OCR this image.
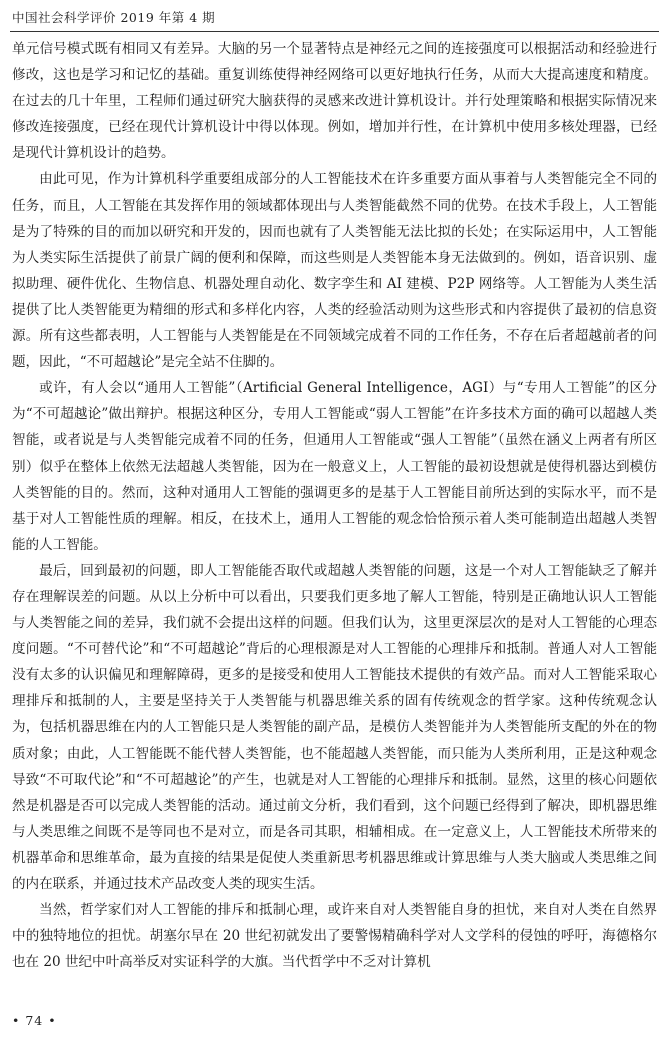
中国社会科学评价 2019 年第 4 期

单元信号模式既有相同又有差异。大脑的另一个显著特点是神经元之间的连接强度可以根据活动和经验进行修改，这也是学习和记忆的基础。重复训练使得神经网络可以更好地执行任务，从而大大提高速度和精度。在过去的几十年里，工程师们通过研究大脑获得的灵感来改进计算机设计。并行处理策略和根据实际情况来修改连接强度，已经在现代计算机设计中得以体现。例如，增加并行性，在计算机中使用多核处理器，已经是现代计算机设计的趋势。

由此可见，作为计算机科学重要组成部分的人工智能技术在许多重要方面从事着与人类智能完全不同的任务，而且，人工智能在其发挥作用的领域都体现出与人类智能截然不同的优势。在技术手段上，人工智能是为了特殊的目的而加以研究和开发的，因而也就有了人类智能无法比拟的长处；在实际运用中，人工智能为人类实际生活提供了前景广阔的便利和保障，而这些则是人类智能本身无法做到的。例如，语音识别、虚拟助理、硬件优化、生物信息、机器处理自动化、数字孪生和 AI 建模、P2P 网络等。人工智能为人类生活提供了比人类智能更为精细的形式和多样化内容，人类的经验活动则为这些形式和内容提供了最初的信息资源。所有这些都表明，人工智能与人类智能是在不同领域完成着不同的工作任务，不存在后者超越前者的问题，因此，“不可超越论”是完全站不住脚的。

或许，有人会以“通用人工智能”（Artificial General Intelligence，AGI）与“专用人工智能”的区分为“不可超越论”做出辩护。根据这种区分，专用人工智能或“弱人工智能”在许多技术方面的确可以超越人类智能，或者说是与人类智能完成着不同的任务，但通用人工智能或“强人工智能”（虽然在涵义上两者有所区别）似乎在整体上依然无法超越人类智能，因为在一般意义上，人工智能的最初设想就是使得机器达到模仿人类智能的目的。然而，这种对通用人工智能的强调更多的是基于人工智能目前所达到的实际水平，而不是基于对人工智能性质的理解。相反，在技术上，通用人工智能的观念恰恰预示着人类可能制造出超越人类智能的人工智能。

最后，回到最初的问题，即人工智能能否取代或超越人类智能的问题，这是一个对人工智能缺乏了解并存在理解误差的问题。从以上分析中可以看出，只要我们更多地了解人工智能，特别是正确地认识人工智能与人类智能之间的差异，我们就不会提出这样的问题。但我们认为，这里更深层次的是对人工智能的心理态度问题。“不可替代论”和“不可超越论”背后的心理根源是对人工智能的心理排斥和抵制。普通人对人工智能没有太多的认识偏见和理解障碍，更多的是接受和使用人工智能技术提供的有效产品。而对人工智能采取心理排斥和抵制的人，主要是坚持关于人类智能与机器思维关系的固有传统观念的哲学家。这种传统观念认为，包括机器思维在内的人工智能只是人类智能的副产品，是模仿人类智能并为人类智能所支配的外在的物质对象；由此，人工智能既不能代替人类智能，也不能超越人类智能，而只能为人类所利用，正是这种观念导致“不可取代论”和“不可超越论”的产生，也就是对人工智能的心理排斥和抵制。显然，这里的核心问题依然是机器是否可以完成人类智能的活动。通过前文分析，我们看到，这个问题已经得到了解决，即机器思维与人类思维之间既不是等同也不是对立，而是各司其职，相辅相成。在一定意义上，人工智能技术所带来的机器革命和思维革命，最为直接的结果是促使人类重新思考机器思维或计算思维与人类大脑或人类思维之间的内在联系，并通过技术产品改变人类的现实生活。

当然，哲学家们对人工智能的排斥和抵制心理，或许来自对人类智能自身的担忧，来自对人类在自然界中的独特地位的担忧。胡塞尔早在 20 世纪初就发出了要警惕精确科学对人文学科的侵蚀的呼吁，海德格尔也在 20 世纪中叶高举反对实证科学的大旗。当代哲学中不乏对计算机

• 74 •
